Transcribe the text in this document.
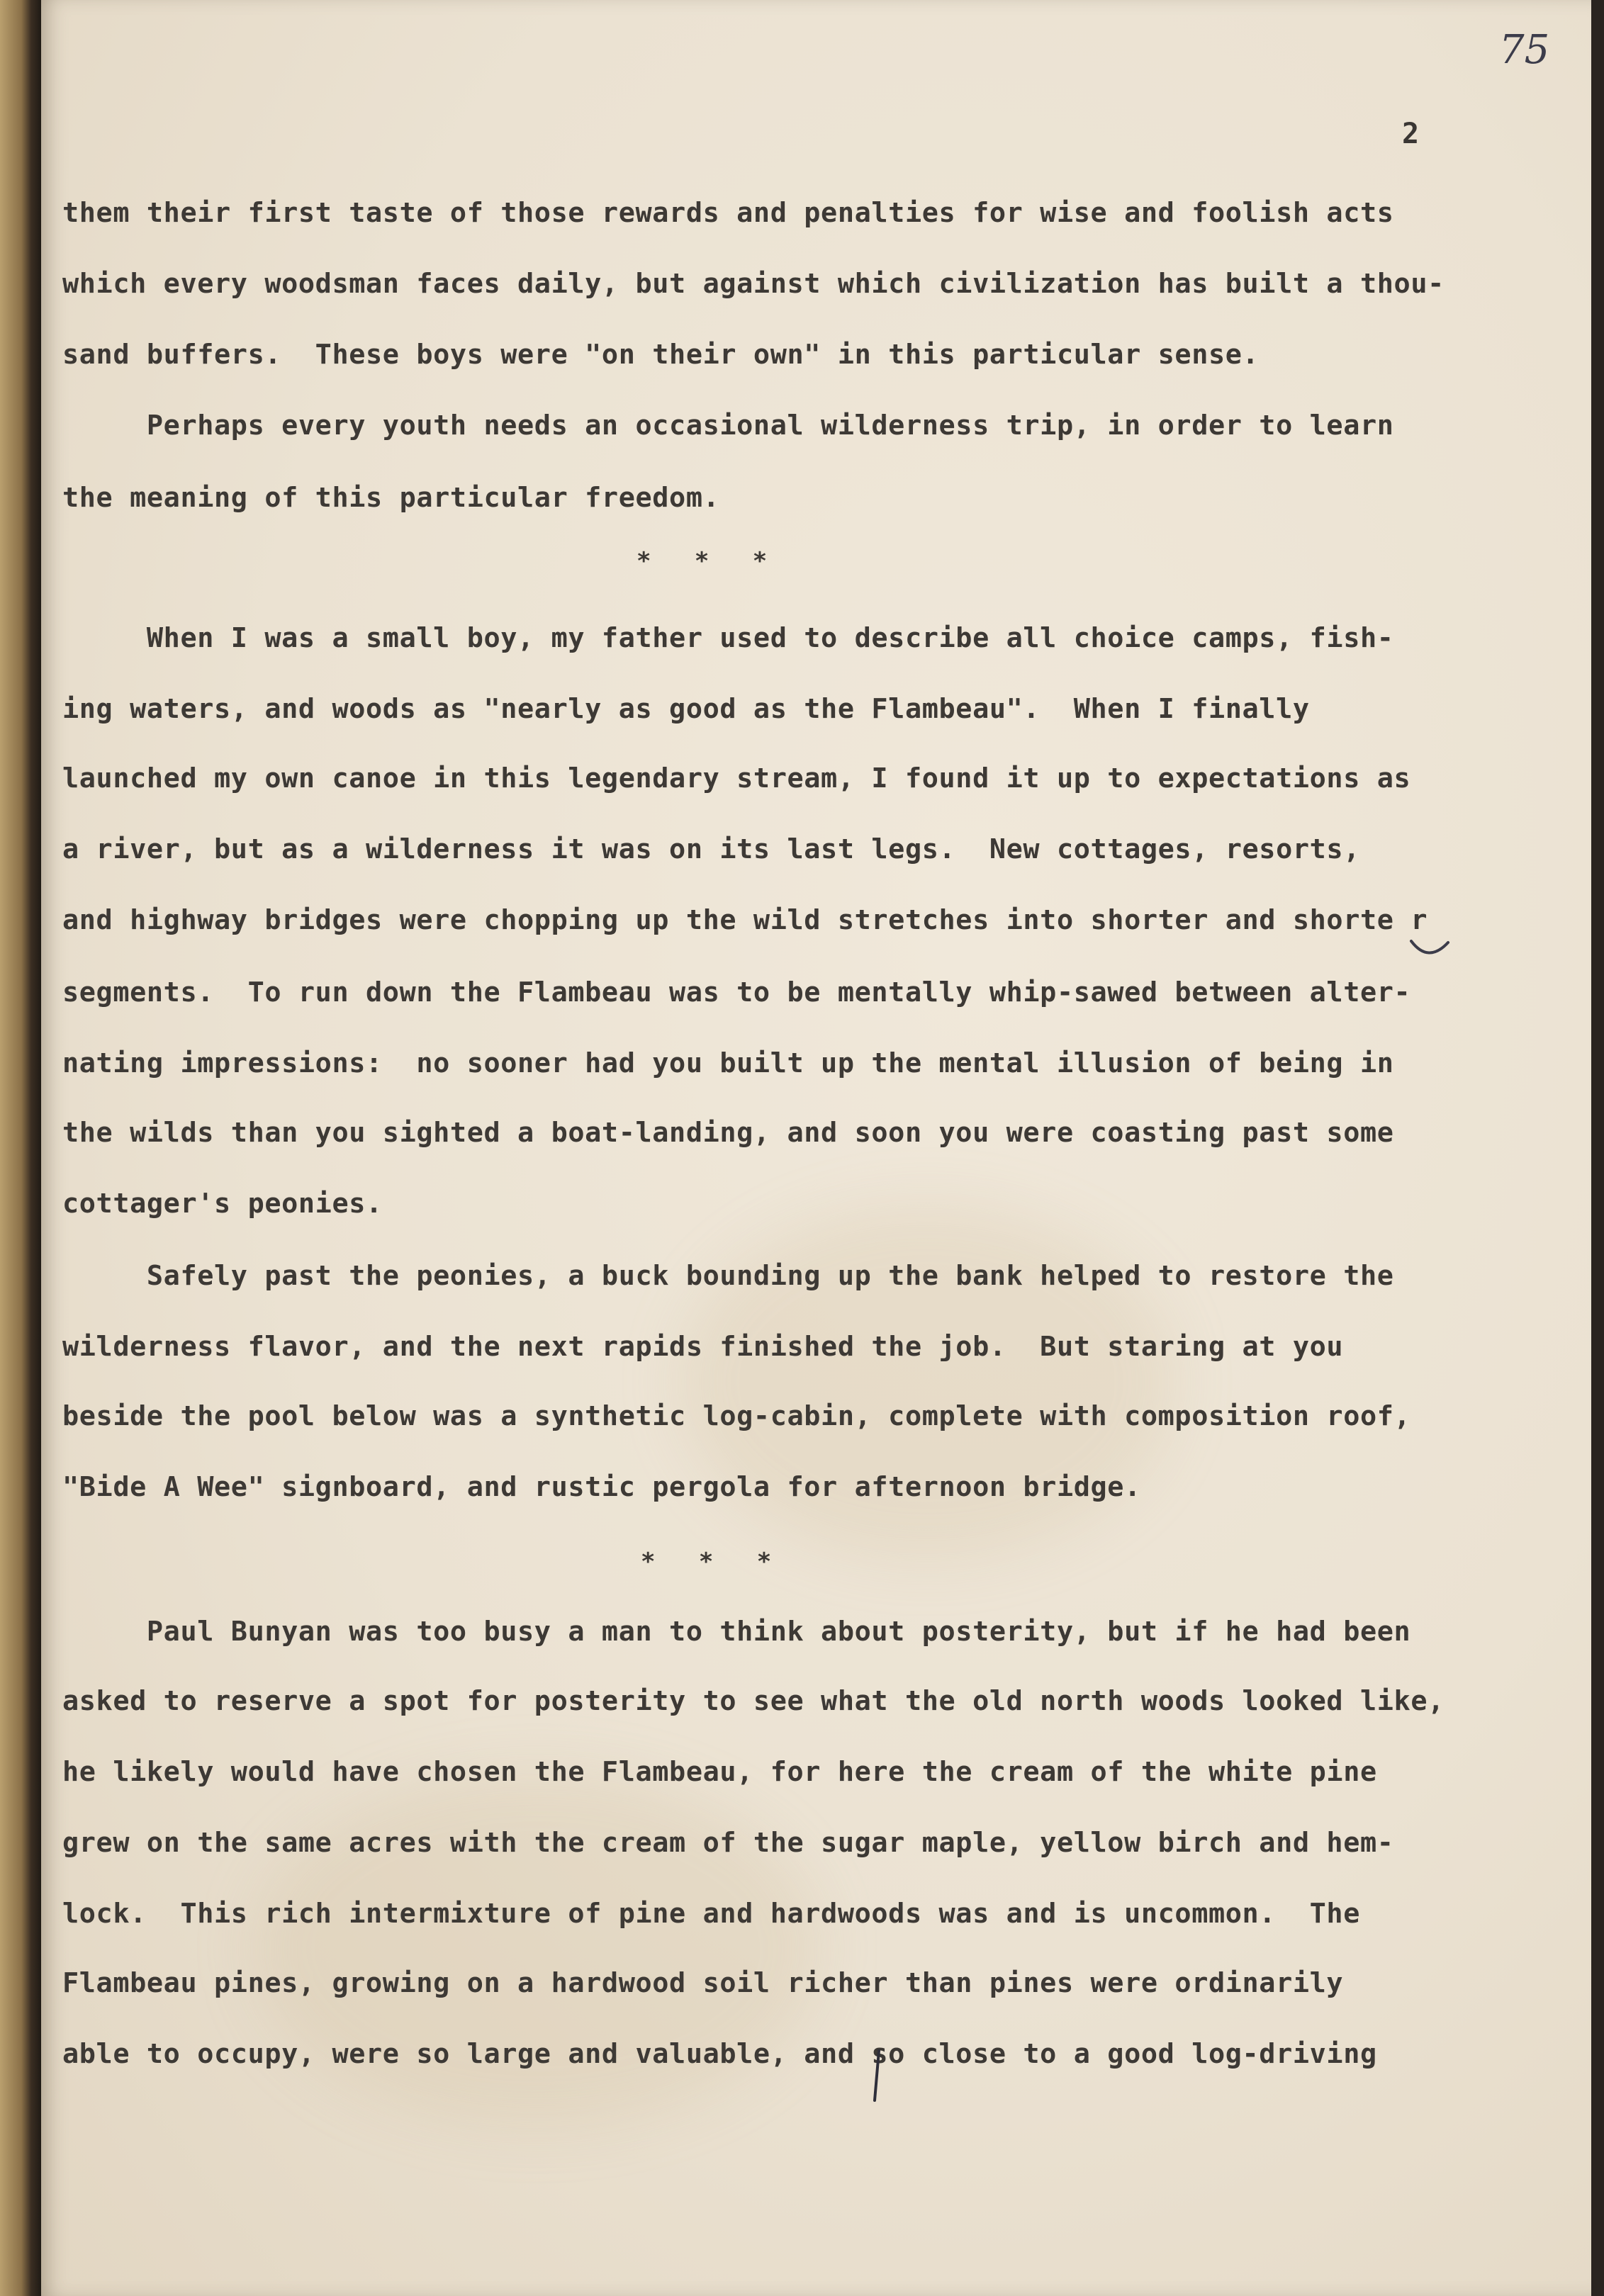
75
2

them their first taste of those rewards and penalties for wise and foolish acts

which every woodsman faces daily, but against which civilization has built a thou-

sand buffers.  These boys were "on their own" in this particular sense.

Perhaps every youth needs an occasional wilderness trip, in order to learn

the meaning of this particular freedom.

*   *   *

When I was a small boy, my father used to describe all choice camps, fish-

ing waters, and woods as "nearly as good as the Flambeau".  When I finally

launched my own canoe in this legendary stream, I found it up to expectations as

a river, but as a wilderness it was on its last legs.  New cottages, resorts,

and highway bridges were chopping up the wild stretches into shorter and shorte r

segments.  To run down the Flambeau was to be mentally whip-sawed between alter-

nating impressions:  no sooner had you built up the mental illusion of being in

the wilds than you sighted a boat-landing, and soon you were coasting past some

cottager's peonies.

Safely past the peonies, a buck bounding up the bank helped to restore the

wilderness flavor, and the next rapids finished the job.  But staring at you

beside the pool below was a synthetic log-cabin, complete with composition roof,

"Bide A Wee" signboard, and rustic pergola for afternoon bridge.

*   *   *

Paul Bunyan was too busy a man to think about posterity, but if he had been

asked to reserve a spot for posterity to see what the old north woods looked like,

he likely would have chosen the Flambeau, for here the cream of the white pine

grew on the same acres with the cream of the sugar maple, yellow birch and hem-

lock.  This rich intermixture of pine and hardwoods was and is uncommon.  The

Flambeau pines, growing on a hardwood soil richer than pines were ordinarily

able to occupy, were so large and valuable, and so close to a good log-driving
